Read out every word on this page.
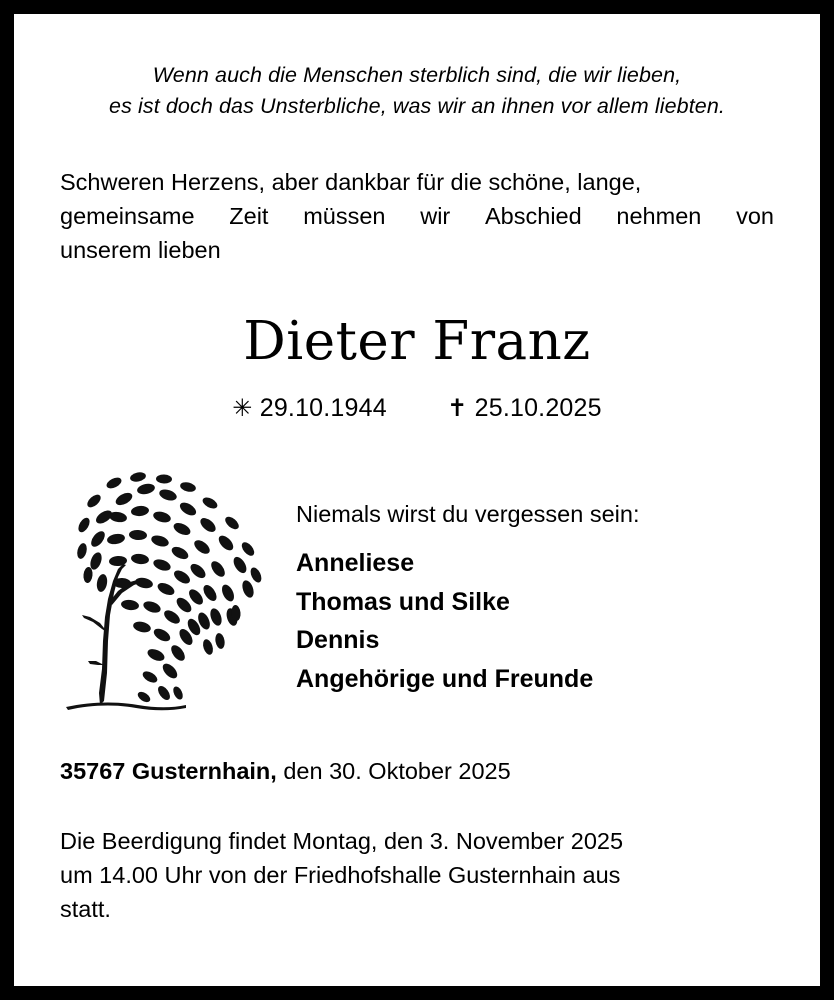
Wenn auch die Menschen sterblich sind, die wir lieben,
es ist doch das Unsterbliche, was wir an ihnen vor allem liebten.
Schweren Herzens, aber dankbar für die schöne, lange,
gemeinsame Zeit müssen wir Abschied nehmen von
unserem lieben
Dieter Franz
✳ 29.10.1944	✝ 25.10.2025
Niemals wirst du vergessen sein:
Anneliese
Thomas und Silke
Dennis
Angehörige und Freunde
35767 Gusternhain, den 30. Oktober 2025
Die Beerdigung findet Montag, den 3. November 2025
um 14.00 Uhr von der Friedhofshalle Gusternhain aus
statt.
